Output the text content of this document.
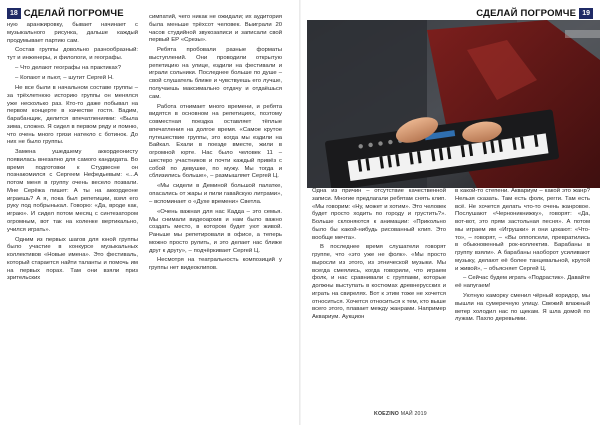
18 СДЕЛАЙ ПОГРОМЧЕ	СДЕЛАЙ ПОГРОМЧЕ 19

ную аранжировку, бывает начинает с музыкального рисунка, дальше каждый продумывает партию сам.

Состав группы довольно разнообразный: тут и инженеры, и филологи, и географы.

– Что делают географы на практиках?

– Копают и пьют, – шутит Сергей Н.

Не все были в начальном составе группы – за трёхлетнюю историю группы он менялся уже несколько раз. Кто-то даже побывал на первом концерте в качестве гостя. Вадим, барабанщик, делится впечатлениями: «Была зима, сложно. Я сидел в первом ряду и помню, что очень много грязи натекло с ботинок. До них не было группы.

Замена ушедшему аккордеонисту появилась внезапно для самого кандидата. Во время подготовки к Студвесне он познакомился с Сергеем Нефедьевым: «...А потом меня в группу очень весело позвали. Мне Серёжа пишет: А ты на аккордеоне играешь? А я, пока был репетиции, взял его руку под побрынькал. Говорю: «Да, вроде как, играю». И сидел потом месяц с синтезатором огромным, вот так на коленке вертикально, учился играть».

Одним из первых шагов для юной группы было участие в конкурсе музыкальных коллективов «Новые имена». Это фестиваль, который старается найти таланты и помочь им на первых порах. Там они взяли приз зрительских

симпатий, чего никак не ожидали; их аудитория была меньше трёхсот человек. Выиграли 20 часов студийной звукозаписи и записали свой первый EP «Срезы».

Ребята пробовали разные форматы выступлений. Они проводили открытую репетицию на улице, ездили на фестивали и играли сольники. Последнее больше по душе – свой слушатель ближе и чувствуешь его лучше, получаешь максимально отдачу и отдаёшься сам.

Работа отнимает много времени, и ребята видятся в основном на репетициях, поэтому совместная поездка оставляет тёплые впечатления на долгое время. «Самое крутое путешествие группы, это когда мы ездили на Байкал. Ехали в поезде вместе, жили в огромной юрте. Нас было человек 11 – шестеро участников и почти каждый привёз с собой по девушке, по мужу. Мы тогда и сблизились больше», – размышляет Сергей Ц.

«Мы сидели в Деминой большой палатке, опасались от жары и пили гавайскую литрами», – вспоминает о «Духе времени» Светла.

«Очень важная для нас Кадда – это семья. Мы снимали видеоархив и нам было важно создать место, в котором будет уют живой. Раньше мы репетировали в офисе, а теперь можно просто рулить, и это делает нас ближе друг к другу», – подчёркивает Сергей Ц.

Несмотря на театральность композиций у группы нет видеоклипов.

Одна из причин – отсутствие качественной записи. Многие предлагали ребятам снять клип. «Мы говорим: «Ну, может и хотим». Это человек будет просто ходить по городу и грустить?». Больше склоняются к анимации: «Прикольно было бы какой-нибудь рисованный клип. Это вообще мечта».

В последнее время слушатели говорят группе, что «это уже не фолк». «Мы просто выросли из этого, из этнической музыки. Мы всегда смеялись, когда говорили, что играем фолк, и нас сравнивали с группами, которые должны выступать в костюмах древнерусских и играть на свирелях. Вот к этим тоже не хочется относиться. Хочется относиться к тем, кто выше всего этого, плавает между жанрами. Например Аквариум. Аукцион

в какой-то степени. Аквариум – какой это жанр? Нельзя сказать. Там есть фолк, регги. Там есть всё. Не хочется делать что-то очень жанровое. Послушают «Черноникнижку», говорят: «Да, вот-вот, это прям застольная песня». А потом мы играем им «Игрушки» и они цокают: «Что-то», – говорят, – «Вы оппопсели, превратились в обыкновенный рок-коллектив. Барабаны в группу взяли». А барабаны наоборот усиливают музыку, делают её более танцевальной, крутой и живой», – объясняет Сергей Ц.

– Сейчас будем играть «Подрастик». Давайте её напугаем!

Уютную каморку сменил чёрный коридор, мы вышли на сумеречную улицу. Свежий влажный ветер холодил нас по щекам. Я шла домой по лужам. Пахло деревьями.

KOEZINO МАЙ 2019
